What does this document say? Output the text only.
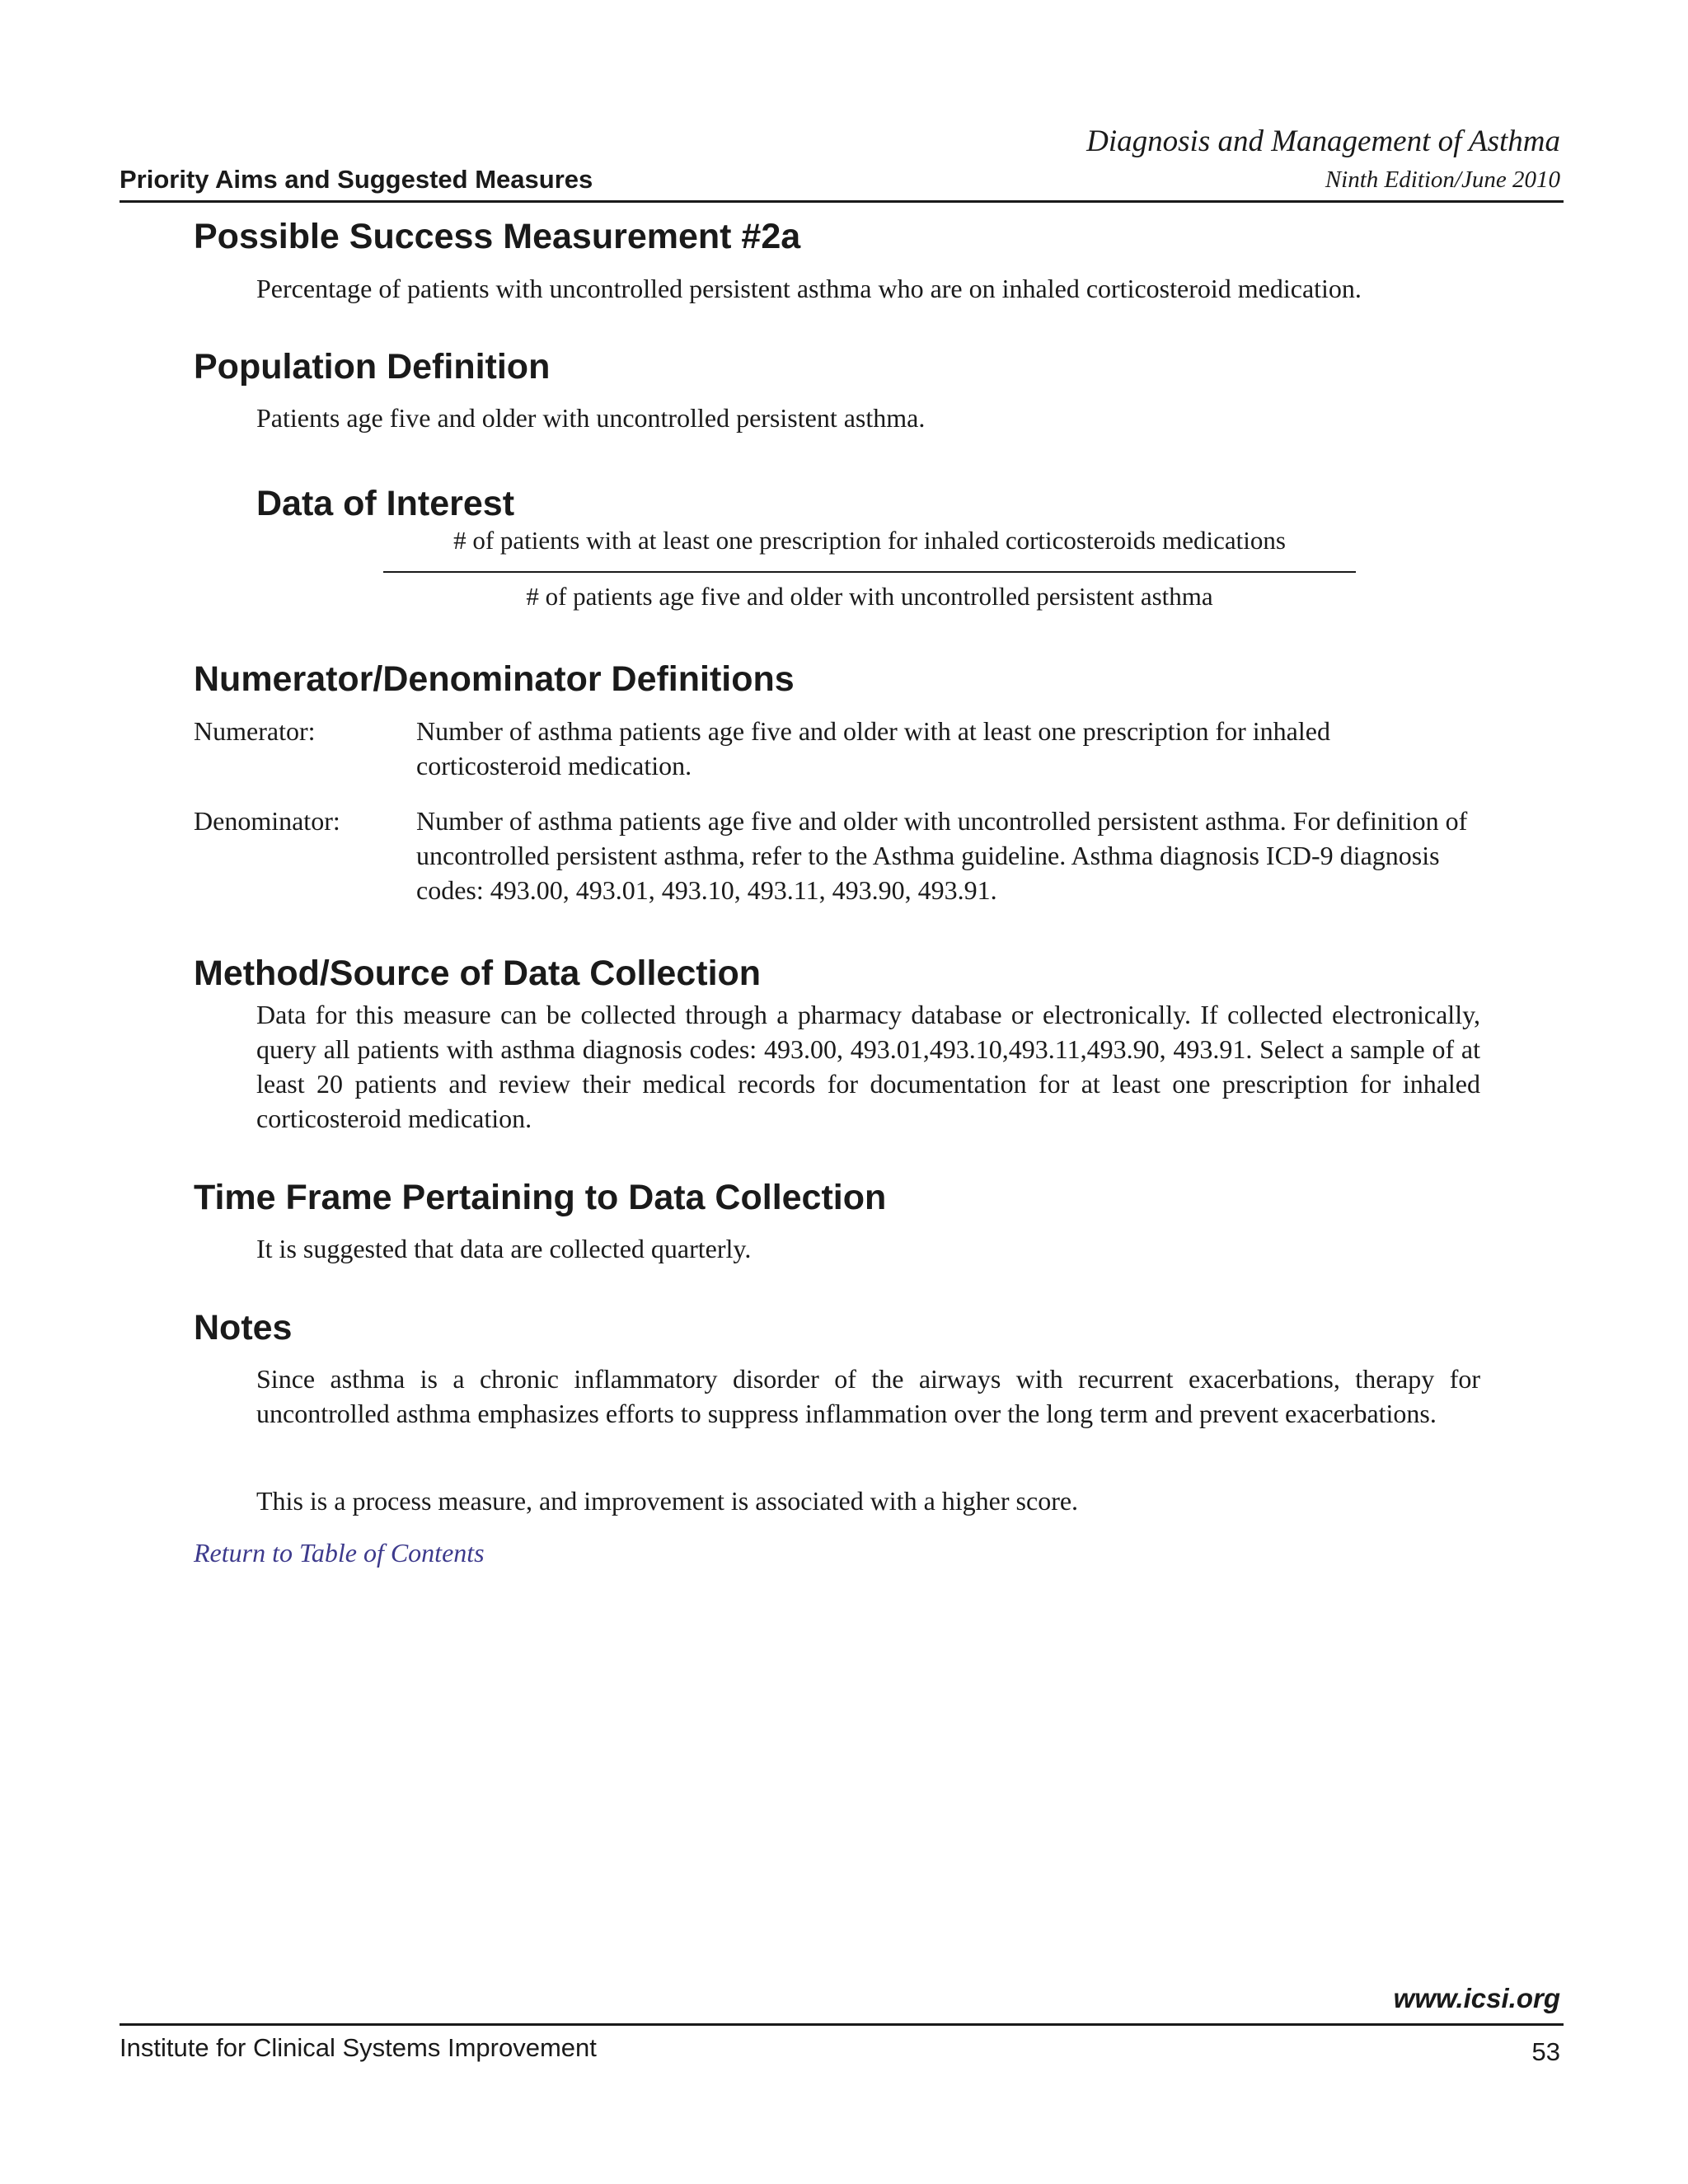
Diagnosis and Management of Asthma
Priority Aims and Suggested Measures	Ninth Edition/June 2010
Possible Success Measurement #2a

Percentage of patients with uncontrolled persistent asthma who are on inhaled corticosteroid medication.

Population Definition

Patients age five and older with uncontrolled persistent asthma.

Data of Interest
# of patients with at least one prescription for inhaled corticosteroids medications
# of patients age five and older with uncontrolled persistent asthma
Numerator/Denominator Definitions
Numerator:	Number of asthma patients age five and older with at least one prescription for inhaled corticosteroid medication.
Denominator:	Number of asthma patients age five and older with uncontrolled persistent asthma. For definition of uncontrolled persistent asthma, refer to the Asthma guideline. Asthma diagnosis ICD-9 diagnosis codes: 493.00, 493.01, 493.10, 493.11, 493.90, 493.91.
Method/Source of Data Collection

Data for this measure can be collected through a pharmacy database or electronically. If collected electronically, query all patients with asthma diagnosis codes: 493.00, 493.01,493.10,493.11,493.90, 493.91. Select a sample of at least 20 patients and review their medical records for documentation for at least one prescription for inhaled corticosteroid medication.

Time Frame Pertaining to Data Collection

It is suggested that data are collected quarterly.

Notes

Since asthma is a chronic inflammatory disorder of the airways with recurrent exacerbations, therapy for uncontrolled asthma emphasizes efforts to suppress inflammation over the long term and prevent exacerbations.

This is a process measure, and improvement is associated with a higher score.

Return to Table of Contents
www.icsi.org
Institute for Clinical Systems Improvement	53
